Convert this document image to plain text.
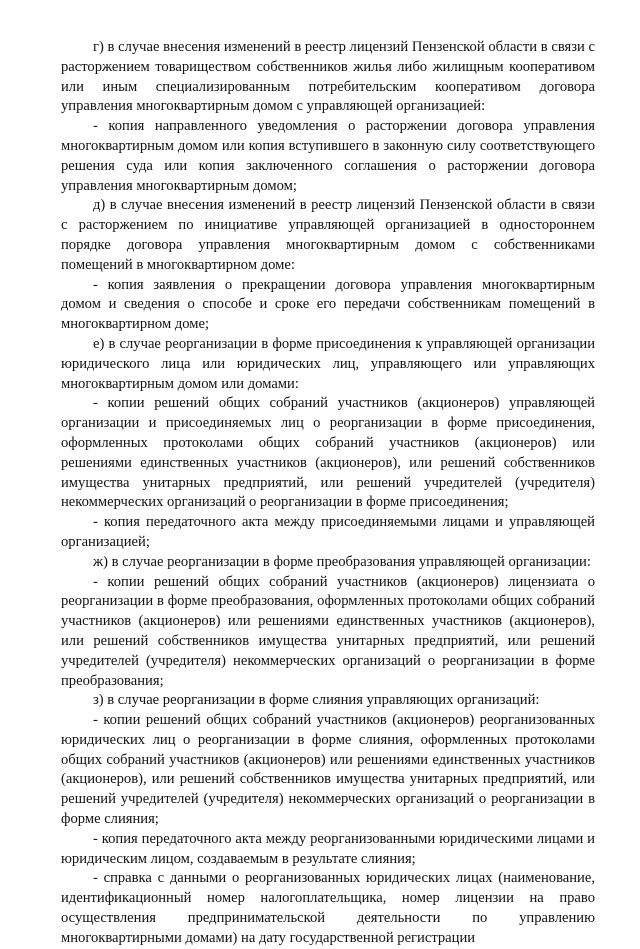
г) в случае внесения изменений в реестр лицензий Пензенской области в связи с расторжением товариществом собственников жилья либо жилищным кооперативом или иным специализированным потребительским кооперативом договора управления многоквартирным домом с управляющей организацией:

- копия направленного уведомления о расторжении договора управления многоквартирным домом или копия вступившего в законную силу соответствующего решения суда или копия заключенного соглашения о расторжении договора управления многоквартирным домом;

д) в случае внесения изменений в реестр лицензий Пензенской области в связи с расторжением по инициативе управляющей организацией в одностороннем порядке договора управления многоквартирным домом с собственниками помещений в многоквартирном доме:

- копия заявления о прекращении договора управления многоквартирным домом и сведения о способе и сроке его передачи собственникам помещений в многоквартирном доме;

е) в случае реорганизации в форме присоединения к управляющей организации юридического лица или юридических лиц, управляющего или управляющих многоквартирным домом или домами:

- копии решений общих собраний участников (акционеров) управляющей организации и присоединяемых лиц о реорганизации в форме присоединения, оформленных протоколами общих собраний участников (акционеров) или решениями единственных участников (акционеров), или решений собственников имущества унитарных предприятий, или решений учредителей (учредителя) некоммерческих организаций о реорганизации в форме присоединения;

- копия передаточного акта между присоединяемыми лицами и управляющей организацией;

ж) в случае реорганизации в форме преобразования управляющей организации:

- копии решений общих собраний участников (акционеров) лицензиата о реорганизации в форме преобразования, оформленных протоколами общих собраний участников (акционеров) или решениями единственных участников (акционеров), или решений собственников имущества унитарных предприятий, или решений учредителей (учредителя) некоммерческих организаций о реорганизации в форме преобразования;

з) в случае реорганизации в форме слияния управляющих организаций:

- копии решений общих собраний участников (акционеров) реорганизованных юридических лиц о реорганизации в форме слияния, оформленных протоколами общих собраний участников (акционеров) или решениями единственных участников (акционеров), или решений собственников имущества унитарных предприятий, или решений учредителей (учредителя) некоммерческих организаций о реорганизации в форме слияния;

- копия передаточного акта между реорганизованными юридическими лицами и юридическим лицом, создаваемым в результате слияния;

- справка с данными о реорганизованных юридических лицах (наименование, идентификационный номер налогоплательщика, номер лицензии на право осуществления предпринимательской деятельности по управлению многоквартирными домами) на дату государственной регистрации
